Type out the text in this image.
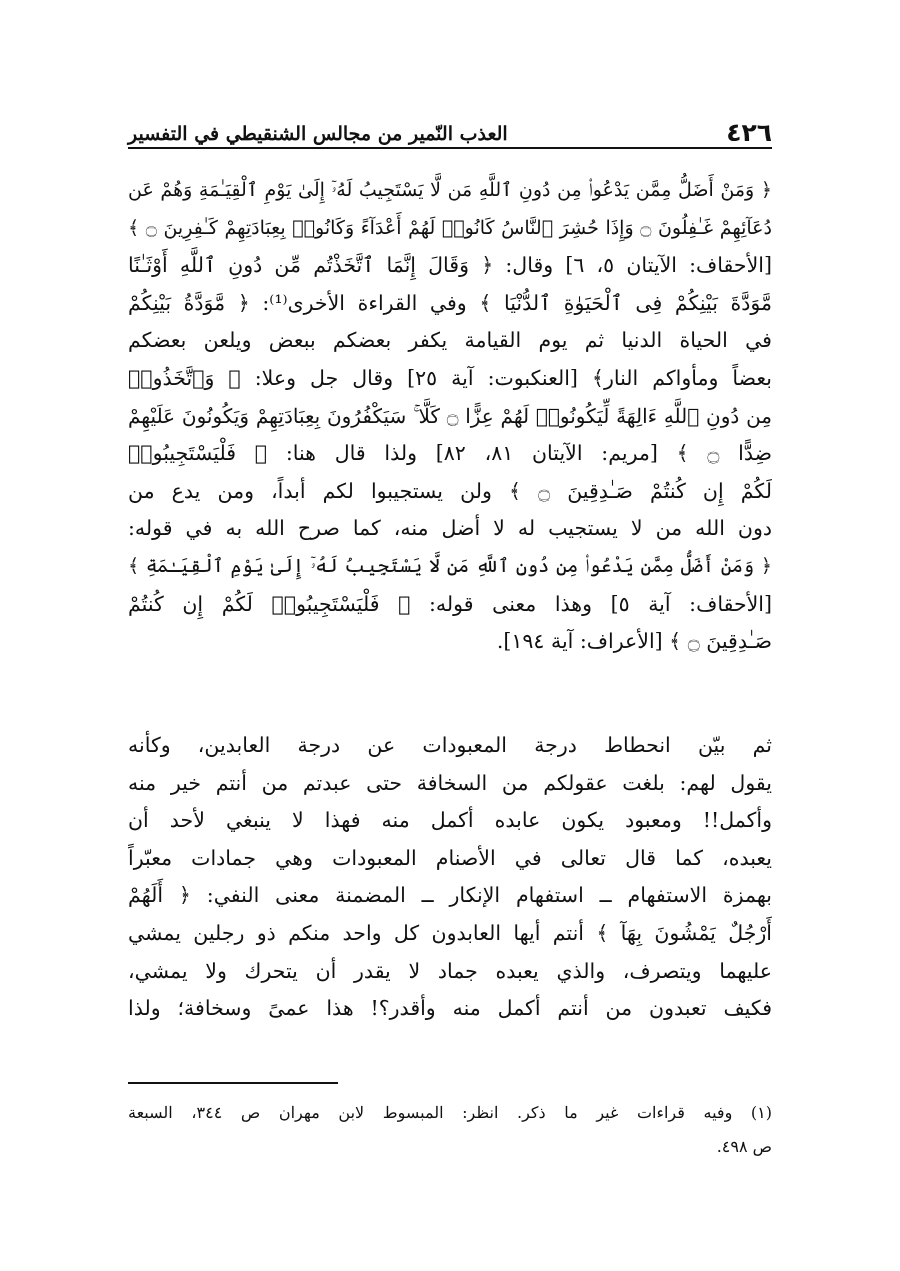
٤٢٦
العذب النّمير من مجالس الشنقيطي في التفسير
﴿ وَمَنْ أَضَلُّ مِمَّن يَدْعُوا۟ مِن دُونِ ٱللَّهِ مَن لَّا يَسْتَجِيبُ لَهُۥٓ إِلَىٰ يَوْمِ ٱلْقِيَـٰمَةِ وَهُمْ عَن
دُعَآئِهِمْ غَـٰفِلُونَ ۝ وَإِذَا حُشِرَ ٱلنَّاسُ كَانُوا۟ لَهُمْ أَعْدَآءً وَكَانُوا۟ بِعِبَادَتِهِمْ كَـٰفِرِينَ ۝ ﴾
[الأحقاف: الآيتان ٥، ٦] وقال: ﴿ وَقَالَ إِنَّمَا ٱتَّخَذْتُم مِّن دُونِ ٱللَّهِ أَوْثَـٰنًا
مَّوَدَّةَ بَيْنِكُمْ فِى ٱلْحَيَوٰةِ ٱلدُّنْيَا ﴾ وفي القراءة الأخرى⁽¹⁾: ﴿ مَّوَدَّةُ بَيْنِكُمْ
في الحياة الدنيا ثم يوم القيامة يكفر بعضكم ببعض ويلعن بعضكم
بعضاً ومأواكم النار﴾ [العنكبوت: آية ٢٥] وقال جل وعلا: ﴿ وَٱتَّخَذُوا۟
مِن دُونِ ٱللَّهِ ءَالِهَةً لِّيَكُونُوا۟ لَهُمْ عِزًّا ۝ كَلَّا ۚ سَيَكْفُرُونَ بِعِبَادَتِهِمْ وَيَكُونُونَ عَلَيْهِمْ
ضِدًّا ۝ ﴾ [مريم: الآيتان ٨١، ٨٢] ولذا قال هنا: ﴿ فَلْيَسْتَجِيبُوا۟
لَكُمْ إِن كُنتُمْ صَـٰدِقِينَ ۝ ﴾ ولن يستجيبوا لكم أبداً، ومن يدع من
دون الله من لا يستجيب له لا أضل منه، كما صرح الله به في قوله:
﴿ وَمَنْ أَضَلُّ مِمَّن يَدْعُوا۟ مِن دُونِ ٱللَّهِ مَن لَّا يَسْتَجِيبُ لَهُۥٓ إِلَىٰ يَوْمِ ٱلْقِيَـٰمَةِ ﴾
[الأحقاف: آية ٥] وهذا معنى قوله: ﴿ فَلْيَسْتَجِيبُوا۟ لَكُمْ إِن كُنتُمْ
صَـٰدِقِينَ ۝ ﴾ [الأعراف: آية ١٩٤].
ثم بيّن انحطاط درجة المعبودات عن درجة العابدين، وكأنه
يقول لهم: بلغت عقولكم من السخافة حتى عبدتم من أنتم خير منه
وأكمل!! ومعبود يكون عابده أكمل منه فهذا لا ينبغي لأحد أن
يعبده، كما قال تعالى في الأصنام المعبودات وهي جمادات معبّراً
بهمزة الاستفهام ــ استفهام الإنكار ــ المضمنة معنى النفي: ﴿ أَلَهُمْ
أَرْجُلٌ يَمْشُونَ بِهَآ ﴾ أنتم أيها العابدون كل واحد منكم ذو رجلين يمشي
عليهما ويتصرف، والذي يعبده جماد لا يقدر أن يتحرك ولا يمشي،
فكيف تعبدون من أنتم أكمل منه وأقدر؟! هذا عمىً وسخافة؛ ولذا
(١) وفيه قراءات غير ما ذكر. انظر: المبسوط لابن مهران ص ٣٤٤، السبعة
ص ٤٩٨.
